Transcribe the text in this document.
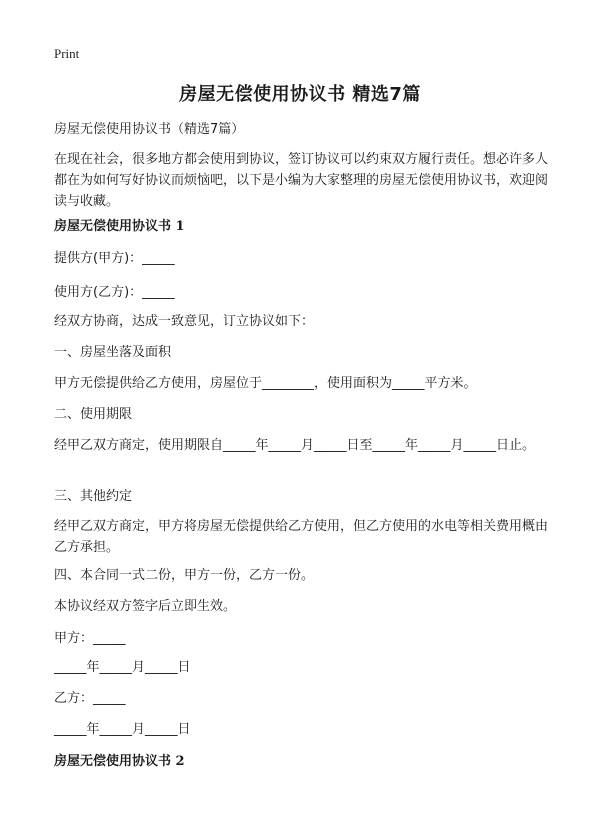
Print
房屋无偿使用协议书 精选7篇
房屋无偿使用协议书（精选7篇）
在现在社会，很多地方都会使用到协议，签订协议可以约束双方履行责任。想必许多人都在为如何写好协议而烦恼吧，以下是小编为大家整理的房屋无偿使用协议书，欢迎阅读与收藏。
房屋无偿使用协议书 1
提供方(甲方)：_____
使用方(乙方)：_____
经双方协商，达成一致意见，订立协议如下：
一、房屋坐落及面积
甲方无偿提供给乙方使用，房屋位于________，使用面积为_____平方米。
二、使用期限
经甲乙双方商定，使用期限自_____年_____月_____日至_____年_____月_____日止。
三、其他约定
经甲乙双方商定，甲方将房屋无偿提供给乙方使用，但乙方使用的水电等相关费用概由乙方承担。
四、本合同一式二份，甲方一份，乙方一份。
本协议经双方签字后立即生效。
甲方：_____
_____年_____月_____日
乙方：_____
_____年_____月_____日
房屋无偿使用协议书 2
